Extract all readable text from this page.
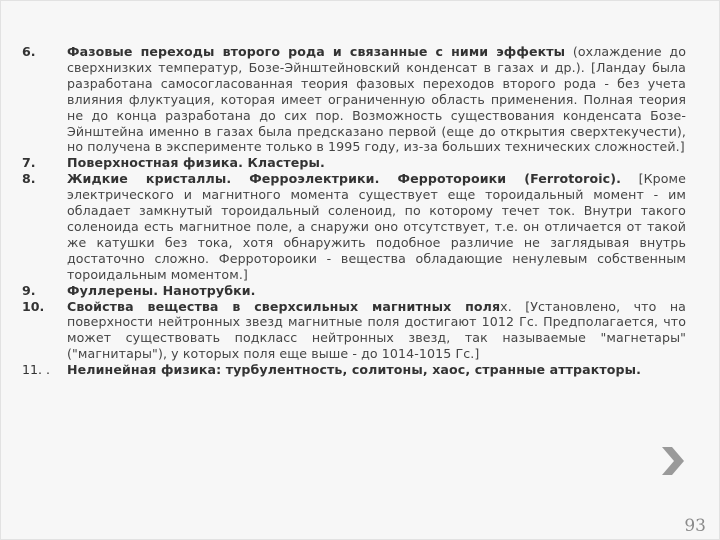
6.	Фазовые переходы второго рода и связанные с ними эффекты (охлаждение до сверхнизких температур, Бозе-Эйнштейновский конденсат в газах и др.). [Ландау была разработана самосогласованная теория фазовых переходов второго рода - без учета влияния флуктуация, которая имеет ограниченную область применения. Полная теория не до конца разработана до сих пор. Возможность существования конденсата Бозе-Эйнштейна именно в газах была предсказано первой (еще до открытия сверхтекучести), но получена в эксперименте только в 1995 году, из-за больших технических сложностей.]
7.	Поверхностная физика. Кластеры.
8.	Жидкие кристаллы. Ферроэлектрики. Ферротороики (Ferrotoroic). [Кроме электрического и магнитного момента существует еще тороидальный момент - им обладает замкнутый тороидальный соленоид, по которому течет ток. Внутри такого соленоида есть магнитное поле, а снаружи оно отсутствует, т.е. он отличается от такой же катушки без тока, хотя обнаружить подобное различие не заглядывая внутрь достаточно сложно. Ферротороики - вещества обладающие ненулевым собственным тороидальным моментом.]
9.	Фуллерены. Нанотрубки.
10.	Свойства вещества в сверхсильных магнитных полях. [Установлено, что на поверхности нейтронных звезд магнитные поля достигают 1012 Гс. Предполагается, что может существовать подкласс нейтронных звезд, так называемые "магнетары" ("магнитары"), у которых поля еще выше - до 1014-1015 Гс.]
11. .	Нелинейная физика: турбулентность, солитоны, хаос, странные аттракторы.
93
